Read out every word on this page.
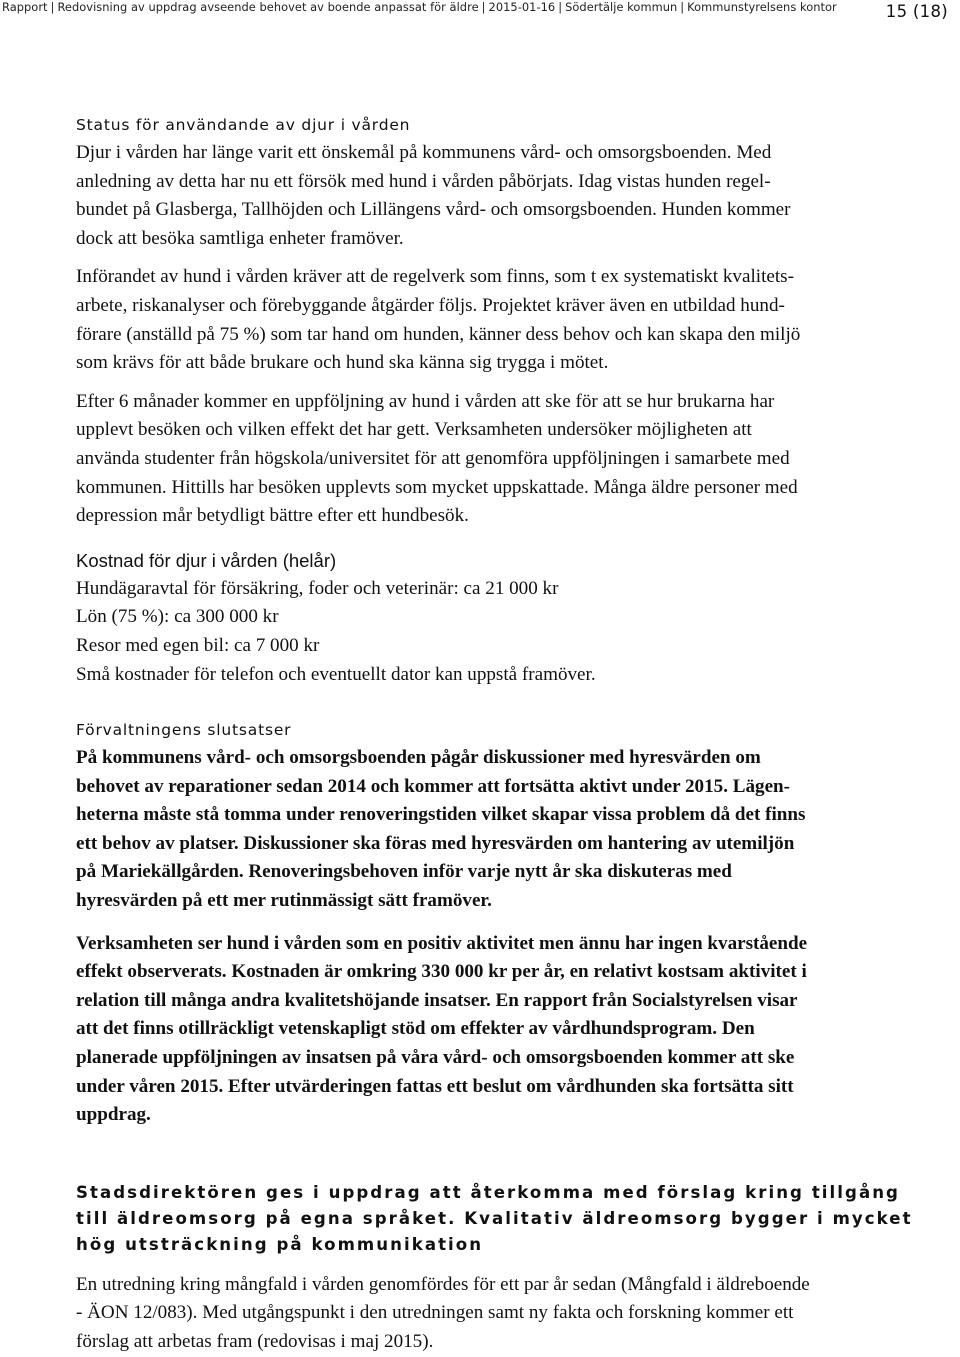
Rapport | Redovisning av uppdrag avseende behovet av boende anpassat för äldre | 2015-01-16 | Södertälje kommun | Kommunstyrelsens kontor	15 (18)
Status för användande av djur i vården

Djur i vården har länge varit ett önskemål på kommunens vård- och omsorgsboenden. Med
anledning av detta har nu ett försök med hund i vården påbörjats. Idag vistas hunden regel-
bundet på Glasberga, Tallhöjden och Lillängens vård- och omsorgsboenden. Hunden kommer
dock att besöka samtliga enheter framöver.

Införandet av hund i vården kräver att de regelverk som finns, som t ex systematiskt kvalitets-
arbete, riskanalyser och förebyggande åtgärder följs. Projektet kräver även en utbildad hund-
förare (anställd på 75 %) som tar hand om hunden, känner dess behov och kan skapa den miljö
som krävs för att både brukare och hund ska känna sig trygga i mötet.

Efter 6 månader kommer en uppföljning av hund i vården att ske för att se hur brukarna har
upplevt besöken och vilken effekt det har gett. Verksamheten undersöker möjligheten att
använda studenter från högskola/universitet för att genomföra uppföljningen i samarbete med
kommunen. Hittills har besöken upplevts som mycket uppskattade. Många äldre personer med
depression mår betydligt bättre efter ett hundbesök.

Kostnad för djur i vården (helår)
Hundägaravtal för försäkring, foder och veterinär: ca 21 000 kr
Lön (75 %): ca 300 000 kr
Resor med egen bil: ca 7 000 kr
Små kostnader för telefon och eventuellt dator kan uppstå framöver.
Förvaltningens slutsatser

På kommunens vård- och omsorgsboenden pågår diskussioner med hyresvärden om
behovet av reparationer sedan 2014 och kommer att fortsätta aktivt under 2015. Lägen-
heterna måste stå tomma under renoveringstiden vilket skapar vissa problem då det finns
ett behov av platser. Diskussioner ska föras med hyresvärden om hantering av utemiljön
på Mariekällgården. Renoveringsbehoven inför varje nytt år ska diskuteras med
hyresvärden på ett mer rutinmässigt sätt framöver.

Verksamheten ser hund i vården som en positiv aktivitet men ännu har ingen kvarstående
effekt observerats. Kostnaden är omkring 330 000 kr per år, en relativt kostsam aktivitet i
relation till många andra kvalitetshöjande insatser. En rapport från Socialstyrelsen visar
att det finns otillräckligt vetenskapligt stöd om effekter av vårdhundsprogram. Den
planerade uppföljningen av insatsen på våra vård- och omsorgsboenden kommer att ske
under våren 2015. Efter utvärderingen fattas ett beslut om vårdhunden ska fortsätta sitt
uppdrag.

Stadsdirektören ges i uppdrag att återkomma med förslag kring tillgång
till äldreomsorg på egna språket. Kvalitativ äldreomsorg bygger i mycket
hög utsträckning på kommunikation

En utredning kring mångfald i vården genomfördes för ett par år sedan (Mångfald i äldreboende
- ÄON 12/083). Med utgångspunkt i den utredningen samt ny fakta och forskning kommer ett
förslag att arbetas fram (redovisas i maj 2015).
